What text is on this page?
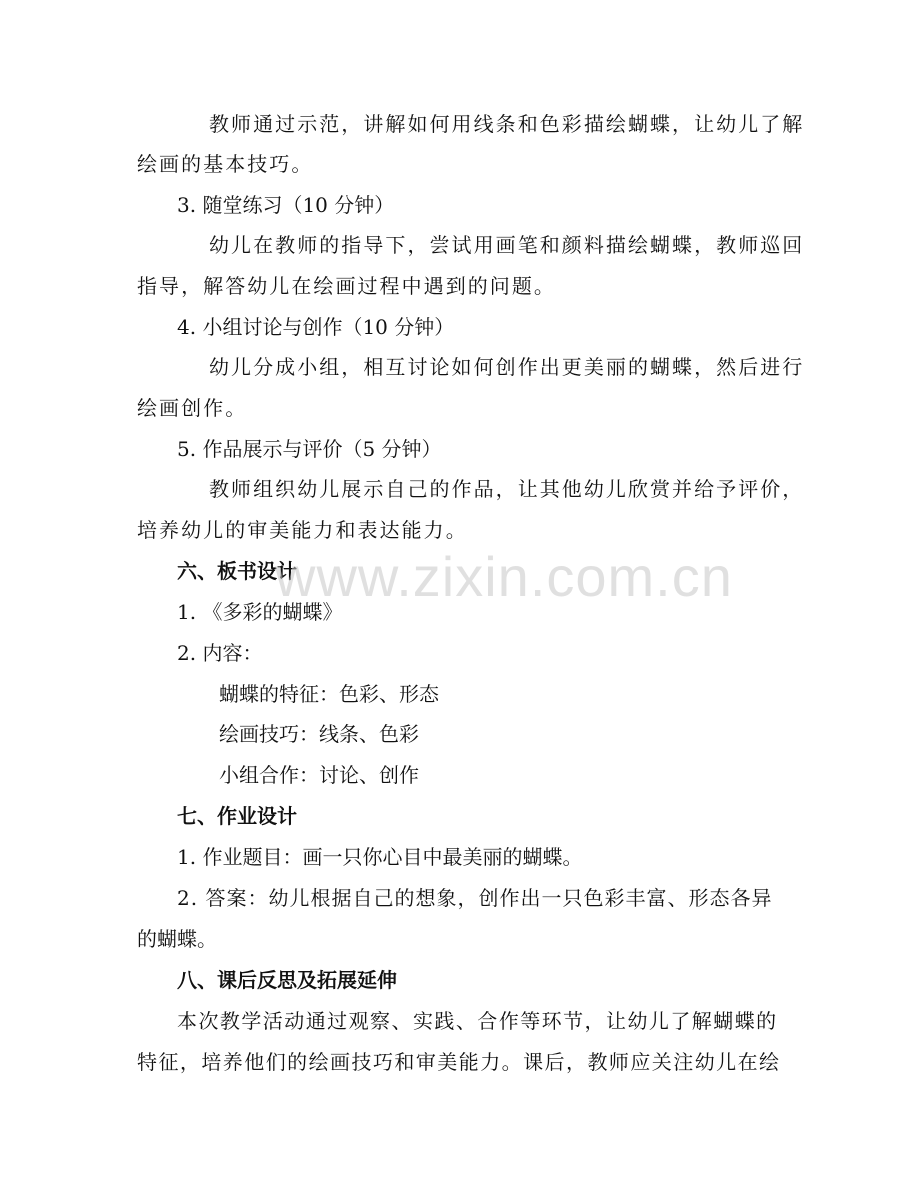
教师通过示范，讲解如何用线条和色彩描绘蝴蝶，让幼儿了解
绘画的基本技巧。
3. 随堂练习（10 分钟）
幼儿在教师的指导下，尝试用画笔和颜料描绘蝴蝶，教师巡回
指导，解答幼儿在绘画过程中遇到的问题。
4. 小组讨论与创作（10 分钟）
幼儿分成小组，相互讨论如何创作出更美丽的蝴蝶，然后进行
绘画创作。
5. 作品展示与评价（5 分钟）
教师组织幼儿展示自己的作品，让其他幼儿欣赏并给予评价，
培养幼儿的审美能力和表达能力。
六、板书设计
1. 《多彩的蝴蝶》
2. 内容：
蝴蝶的特征：色彩、形态
绘画技巧：线条、色彩
小组合作：讨论、创作
七、作业设计
1. 作业题目：画一只你心目中最美丽的蝴蝶。
2. 答案：幼儿根据自己的想象，创作出一只色彩丰富、形态各异
的蝴蝶。
八、课后反思及拓展延伸
本次教学活动通过观察、实践、合作等环节，让幼儿了解蝴蝶的
特征，培养他们的绘画技巧和审美能力。课后，教师应关注幼儿在绘
www.zixin.com.cn
